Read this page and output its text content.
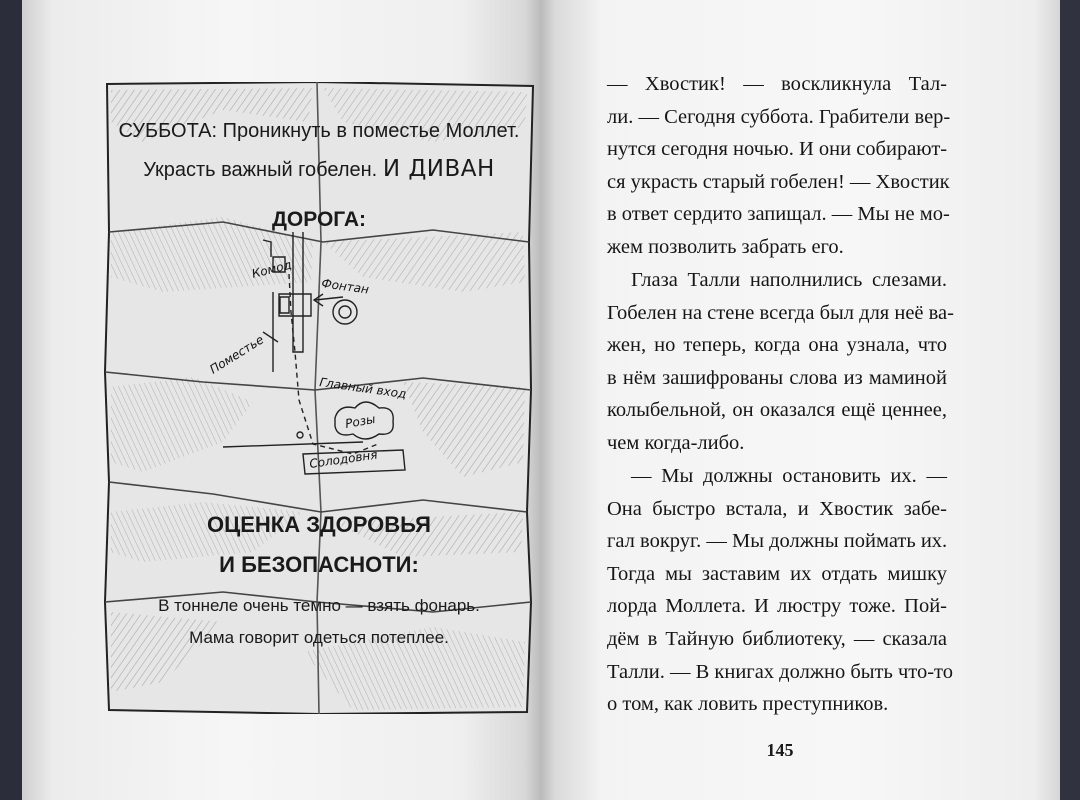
Комод
Фонтан
Поместье
Главный вход
Розы
Солодовня
СУББОТА: Проникнуть в поместье Моллет.
Украсть важный гобелен. И ДИВАН
ДОРОГА:
ОЦЕНКА ЗДОРОВЬЯ
И БЕЗОПАСНОТИ:
В тоннеле очень темно — взять фонарь.
Мама говорит одеться потеплее.
— Хвостик! — воскликнула Тал-
ли. — Сегодня суббота. Грабители вер-
нутся сегодня ночью. И они собирают-
ся украсть старый гобелен! — Хвостик
в ответ сердито запищал. — Мы не мо-
жем позволить забрать его.
Глаза Талли наполнились слезами.
Гобелен на стене всегда был для неё ва-
жен, но теперь, когда она узнала, что
в нём зашифрованы слова из маминой
колыбельной, он оказался ещё ценнее,
чем когда-либо.
— Мы должны остановить их. —
Она быстро встала, и Хвостик забе-
гал вокруг. — Мы должны поймать их.
Тогда мы заставим их отдать мишку
лорда Моллета. И люстру тоже. Пой-
дём в Тайную библиотеку, — сказала
Талли. — В книгах должно быть что-то
о том, как ловить преступников.
145
